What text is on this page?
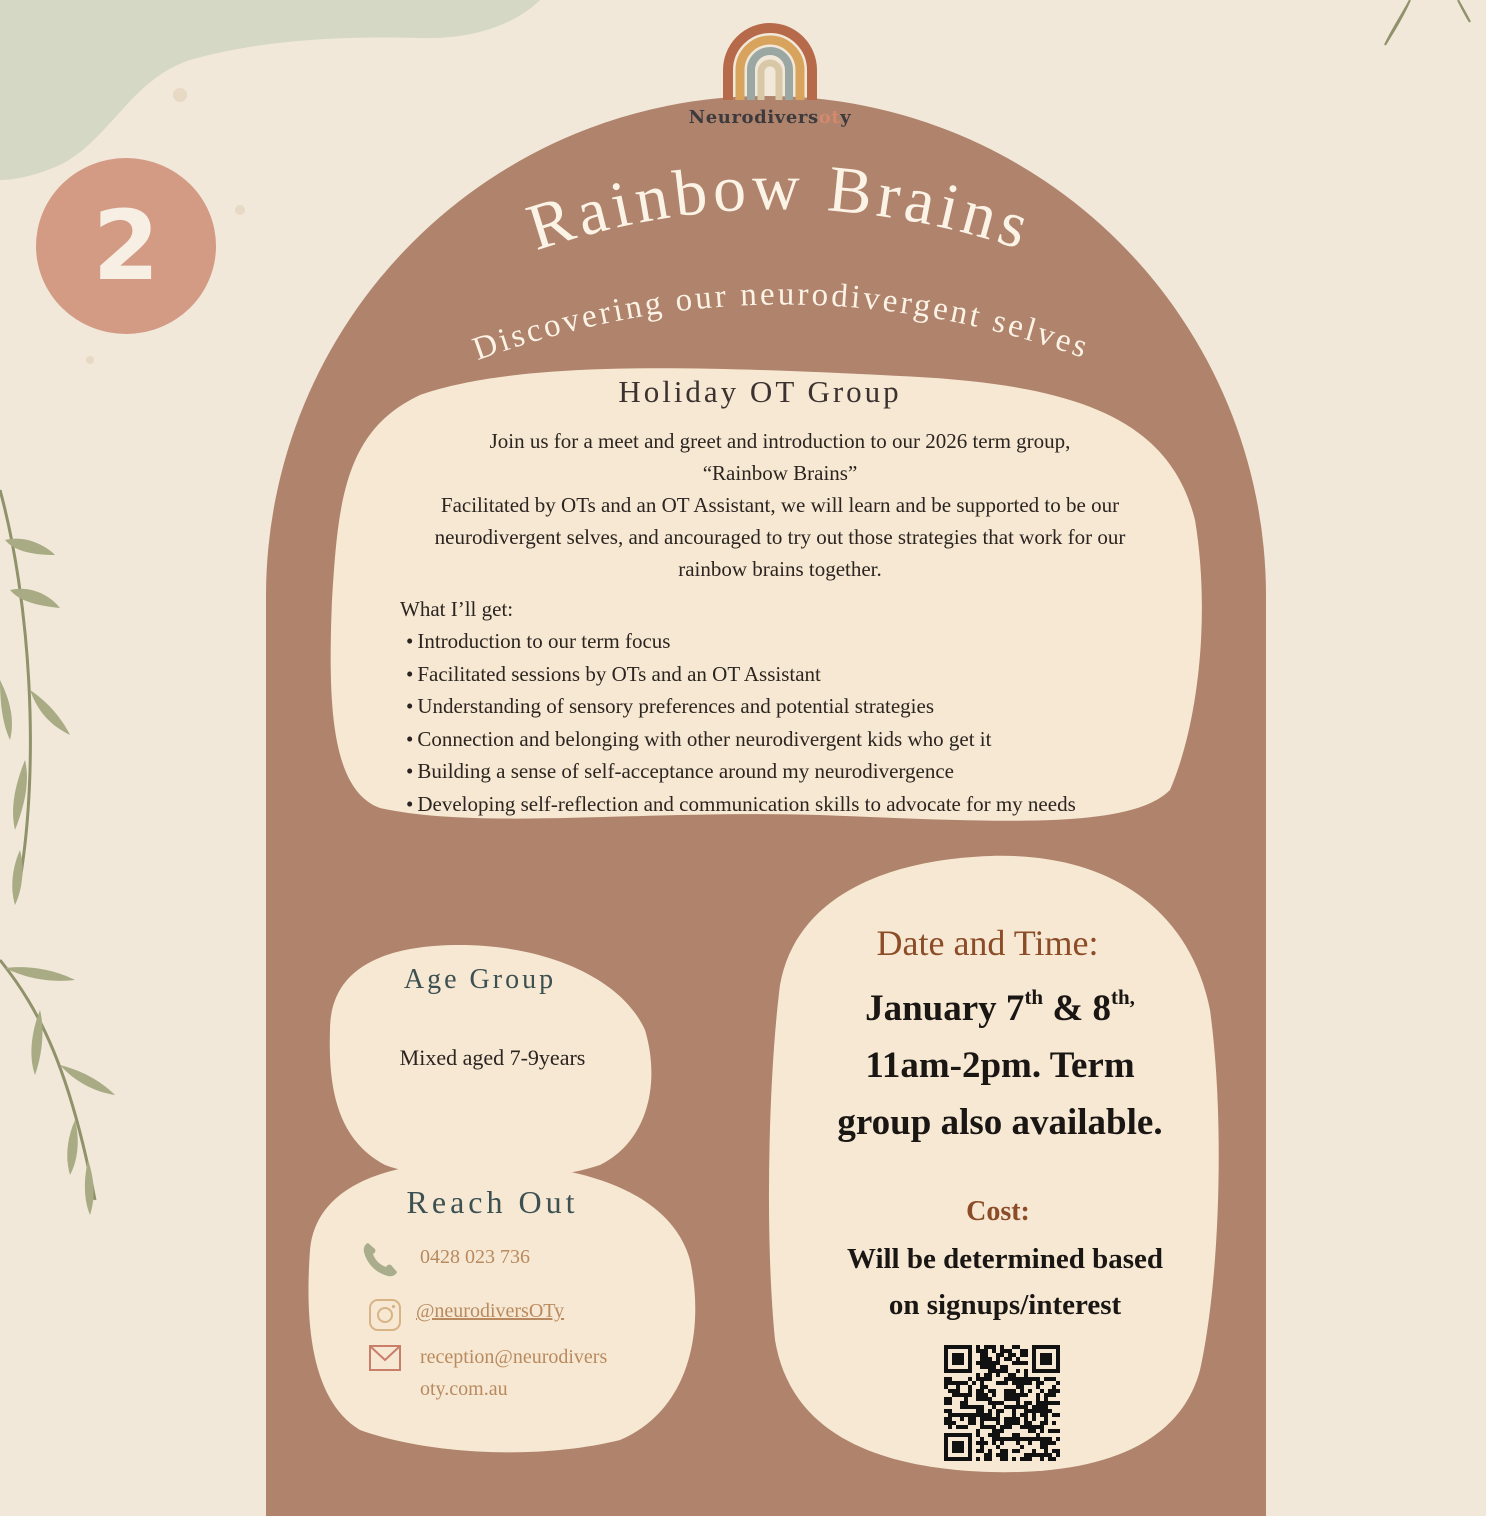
2
Neurodiversoty
Rainbow Brains
Discovering our neurodivergent selves
Holiday OT Group
Join us for a meet and greet and introduction to our 2026 term group,
“Rainbow Brains”
Facilitated by OTs and an OT Assistant, we will learn and be supported to be our
neurodivergent selves, and ancouraged to try out those strategies that work for our
rainbow brains together.
What I’ll get:
• Introduction to our term focus
• Facilitated sessions by OTs and an OT Assistant
• Understanding of sensory preferences and potential strategies
• Connection and belonging with other neurodivergent kids who get it
• Building a sense of self-acceptance around my neurodivergence
• Developing self-reflection and communication skills to advocate for my needs
Age Group
Mixed aged 7-9years
Reach Out
0428 023 736
@neurodiversOTy
reception@neurodivers
oty.com.au
Date and Time:
January 7th & $8^{th,}$
11am-2pm. Term
group also available.
Cost:
Will be determined based
on signups/interest
